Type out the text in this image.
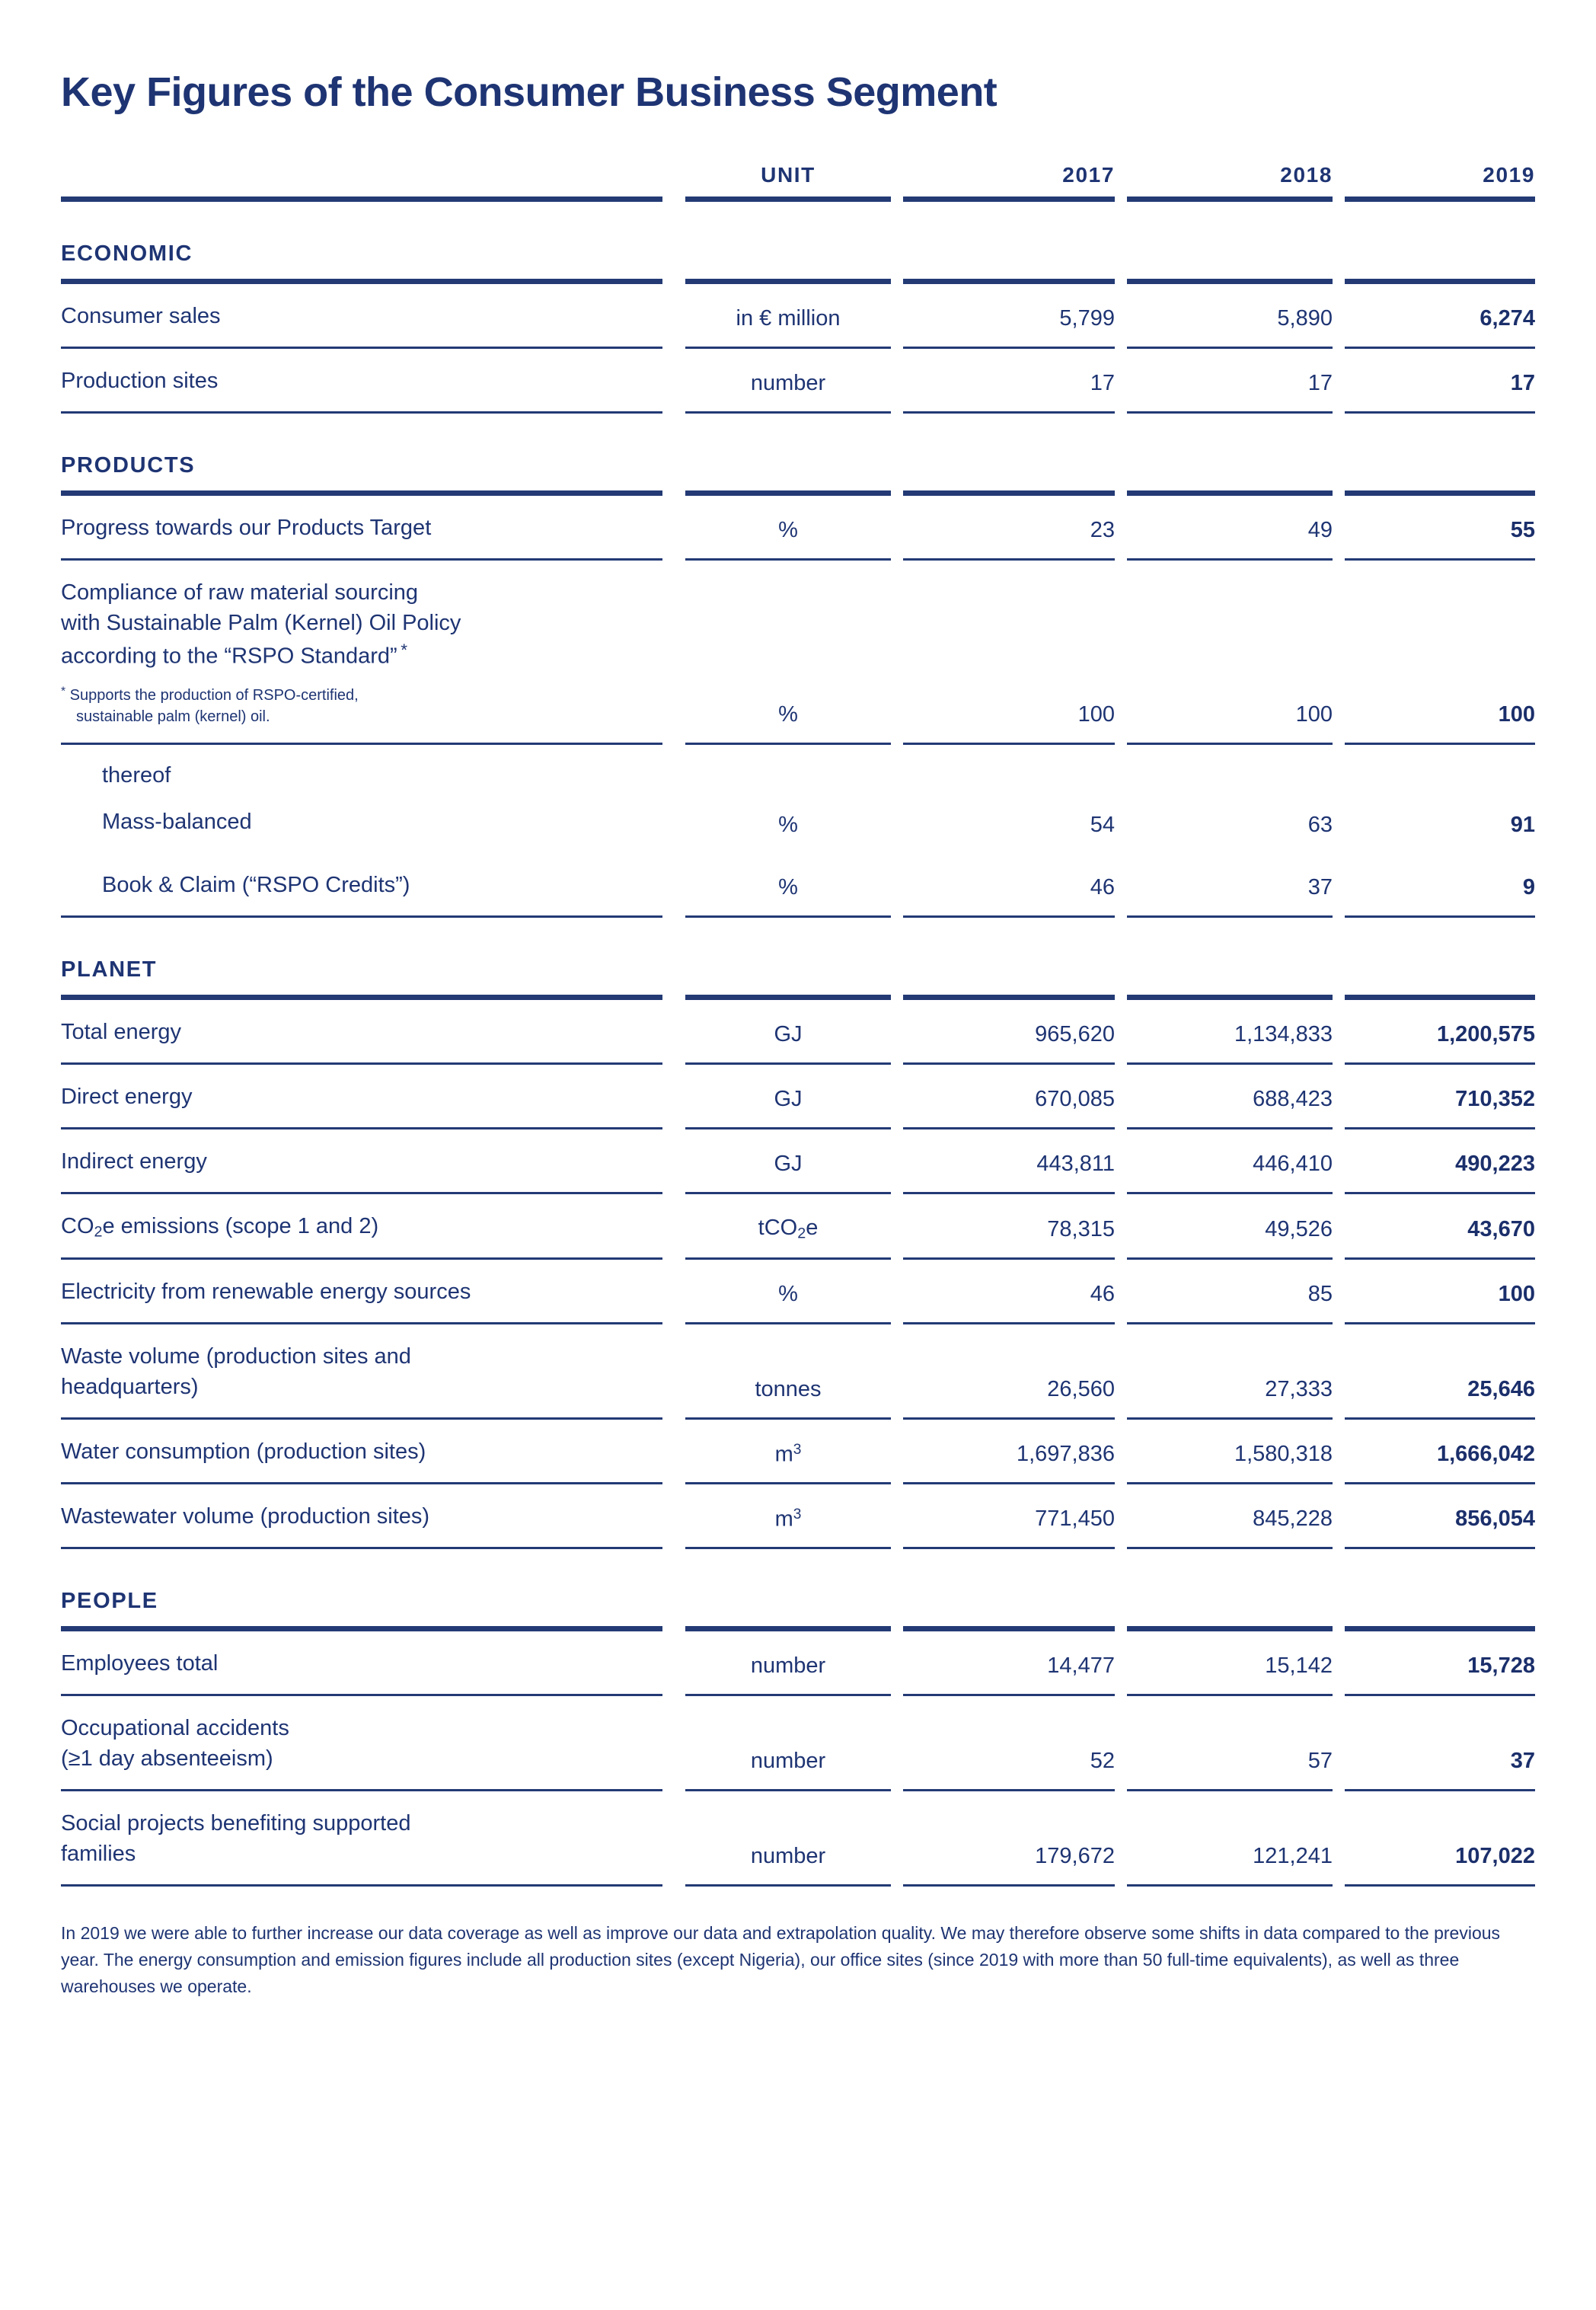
Key Figures of the Consumer Business Segment
		UNIT		2017		2018		2019
ECONOMIC								
Consumer sales		in € million		5,799		5,890		6,274
Production sites		number		17		17		17
PRODUCTS								
Progress towards our Products Target		%		23		49		55
Compliance of raw material sourcing
with Sustainable Palm (Kernel) Oil Policy
according to the “RSPO Standard” *
* Supports the production of RSPO-certified,
sustainable palm (kernel) oil.		%		100		100		100
thereof								
Mass-balanced		%		54		63		91
Book & Claim (“RSPO Credits”)		%		46		37		9
PLANET								
Total energy		GJ		965,620		1,134,833		1,200,575
Direct energy		GJ		670,085		688,423		710,352
Indirect energy		GJ		443,811		446,410		490,223
$CO_2e$ emissions (scope 1 and 2)		tCO$_2$e		78,315		49,526		43,670
Electricity from renewable energy sources		%		46		85		100
Waste volume (production sites and
headquarters)		tonnes		26,560		27,333		25,646
Water consumption (production sites)		$m^3$		1,697,836		1,580,318		1,666,042
Wastewater volume (production sites)		$m^3$		771,450		845,228		856,054
PEOPLE								
Employees total		number		14,477		15,142		15,728
Occupational accidents
(≥1 day absenteeism)		number		52		57		37
Social projects benefiting supported
families		number		179,672		121,241		107,022

In 2019 we were able to further increase our data coverage as well as improve our data and extrapolation quality. We may therefore observe some shifts in data compared to the previous year. The energy consumption and emission figures include all production sites (except Nigeria), our office sites (since 2019 with more than 50 full-time equivalents), as well as three warehouses we operate.
